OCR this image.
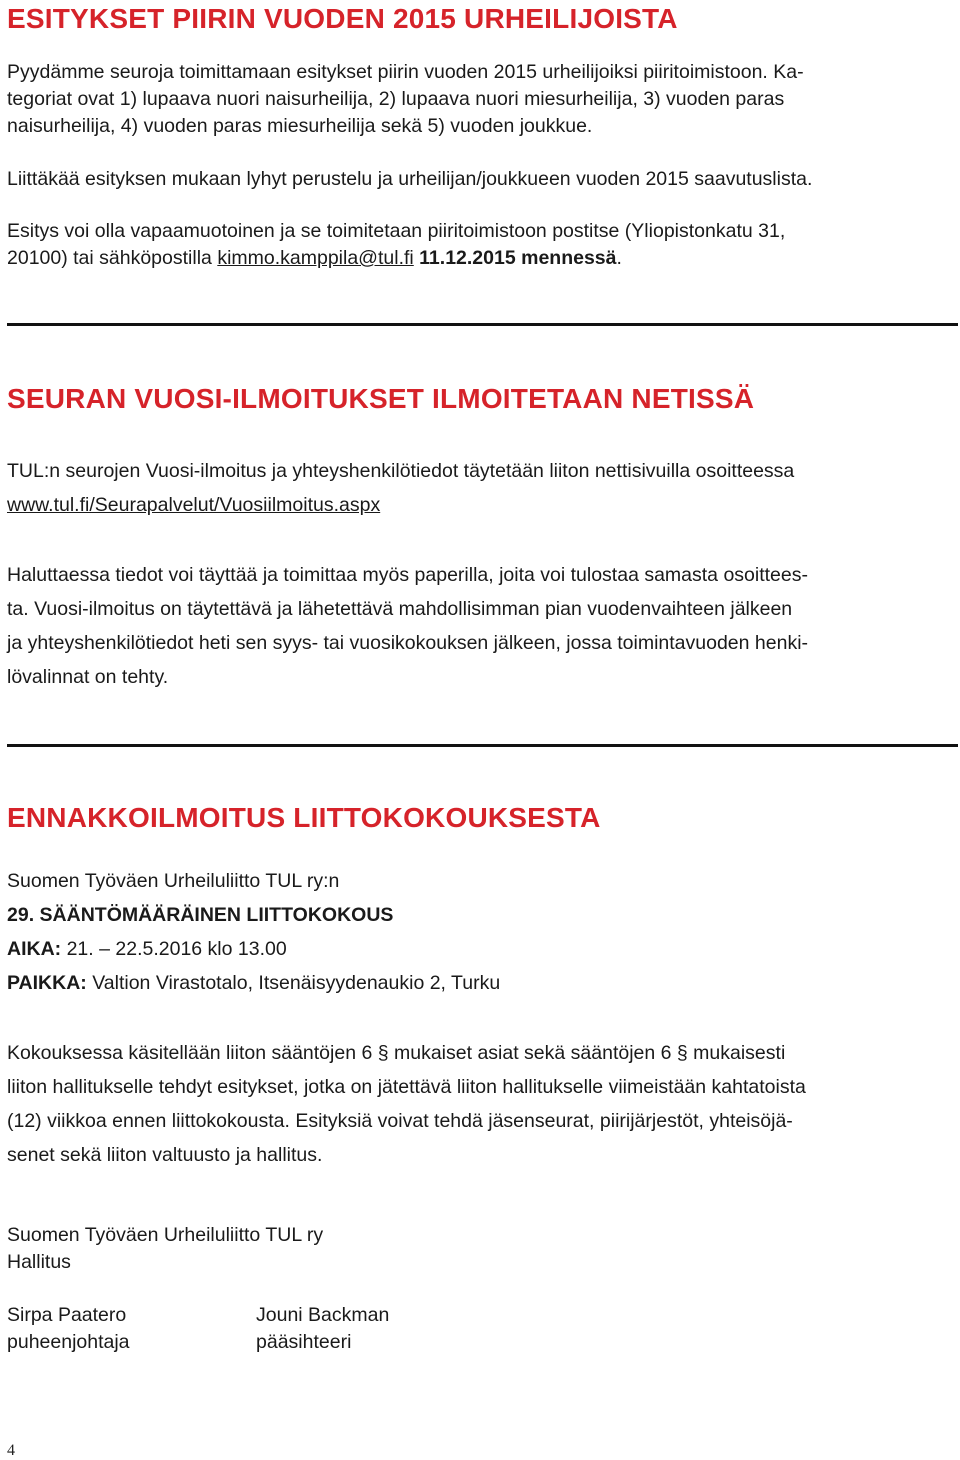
ESITYKSET PIIRIN VUODEN 2015 URHEILIJOISTA

Pyydämme seuroja toimittamaan esitykset piirin vuoden 2015 urheilijoiksi piiritoimistoon. Ka-

tegoriat ovat 1) lupaava nuori naisurheilija, 2) lupaava nuori miesurheilija, 3) vuoden paras

naisurheilija, 4) vuoden paras miesurheilija sekä 5) vuoden joukkue.

Liittäkää esityksen mukaan lyhyt perustelu ja urheilijan/joukkueen vuoden 2015 saavutuslista.

Esitys voi olla vapaamuotoinen ja se toimitetaan piiritoimistoon postitse (Yliopistonkatu 31,

20100) tai sähköpostilla kimmo.kamppila@tul.fi 11.12.2015 mennessä.

SEURAN VUOSI-ILMOITUKSET ILMOITETAAN NETISSÄ

TUL:n seurojen Vuosi-ilmoitus ja yhteyshenkilötiedot täytetään liiton nettisivuilla osoitteessa

www.tul.fi/Seurapalvelut/Vuosiilmoitus.aspx

Haluttaessa tiedot voi täyttää ja toimittaa myös paperilla, joita voi tulostaa samasta osoittees-

ta. Vuosi-ilmoitus on täytettävä ja lähetettävä mahdollisimman pian vuodenvaihteen jälkeen

ja yhteyshenkilötiedot heti sen syys- tai vuosikokouksen jälkeen, jossa toimintavuoden henki-

lövalinnat on tehty.

ENNAKKOILMOITUS LIITTOKOKOUKSESTA

Suomen Työväen Urheiluliitto TUL ry:n

29. SÄÄNTÖMÄÄRÄINEN LIITTOKOKOUS

AIKA: 21. – 22.5.2016 klo 13.00

PAIKKA: Valtion Virastotalo, Itsenäisyydenaukio 2, Turku

Kokouksessa käsitellään liiton sääntöjen 6 § mukaiset asiat sekä sääntöjen 6 § mukaisesti

liiton hallitukselle tehdyt esitykset, jotka on jätettävä liiton hallitukselle viimeistään kahtatoista

(12) viikkoa ennen liittokokousta. Esityksiä voivat tehdä jäsenseurat, piirijärjestöt, yhteisöjä-

senet sekä liiton valtuusto ja hallitus.

Suomen Työväen Urheiluliitto TUL ry

Hallitus

Sirpa Paatero

puheenjohtaja

Jouni Backman

pääsihteeri

4
